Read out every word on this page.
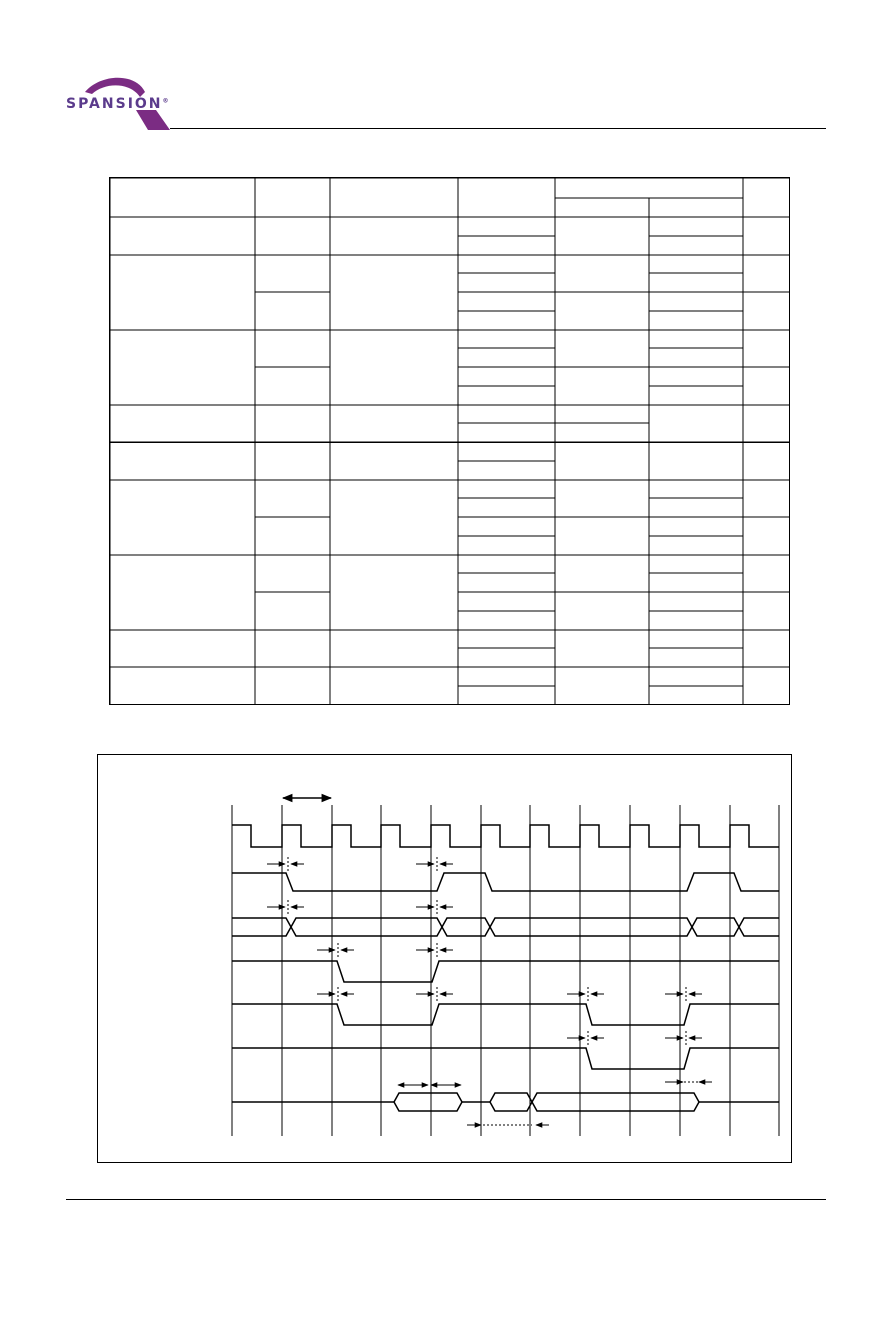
SPANSION®
